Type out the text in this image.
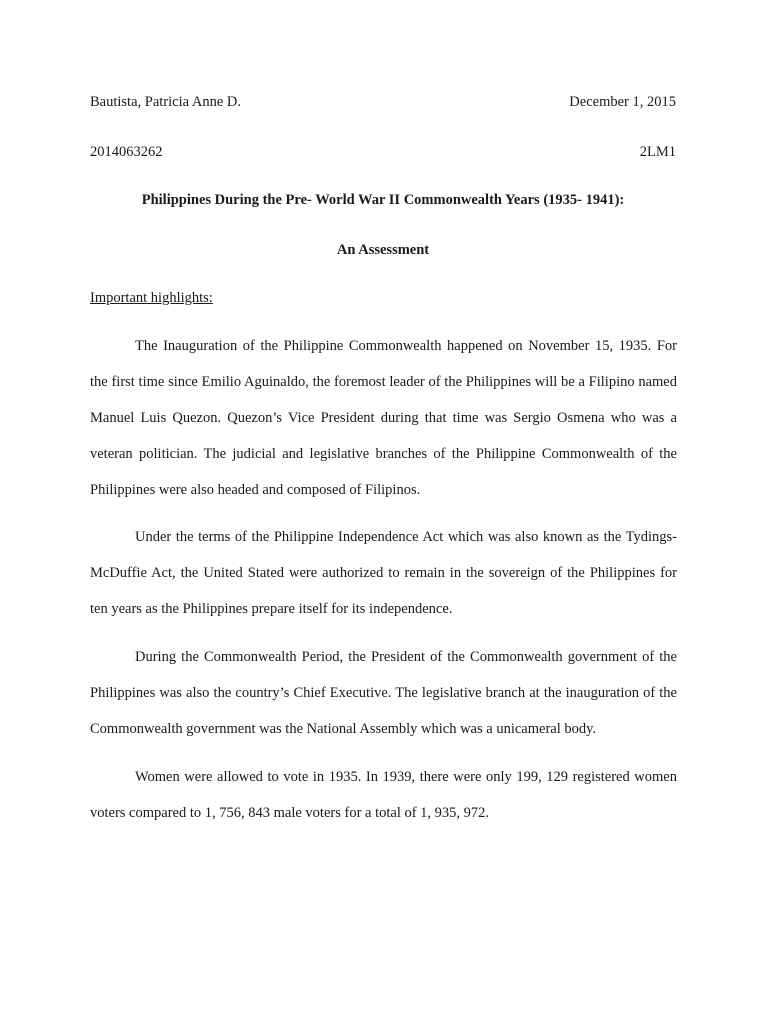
Bautista, Patricia Anne D.	December 1, 2015
2014063262	2LM1
Philippines During the Pre- World War II Commonwealth Years (1935- 1941):
An Assessment
Important highlights:

The Inauguration of the Philippine Commonwealth happened on November 15, 1935. For the first time since Emilio Aguinaldo, the foremost leader of the Philippines will be a Filipino named Manuel Luis Quezon. Quezon’s Vice President during that time was Sergio Osmena who was a veteran politician. The judicial and legislative branches of the Philippine Commonwealth of the Philippines were also headed and composed of Filipinos.

Under the terms of the Philippine Independence Act which was also known as the Tydings- McDuffie Act, the United Stated were authorized to remain in the sovereign of the Philippines for ten years as the Philippines prepare itself for its independence.

During the Commonwealth Period, the President of the Commonwealth government of the Philippines was also the country’s Chief Executive. The legislative branch at the inauguration of the Commonwealth government was the National Assembly which was a unicameral body.

Women were allowed to vote in 1935. In 1939, there were only 199, 129 registered women voters compared to 1, 756, 843 male voters for a total of 1, 935, 972.
